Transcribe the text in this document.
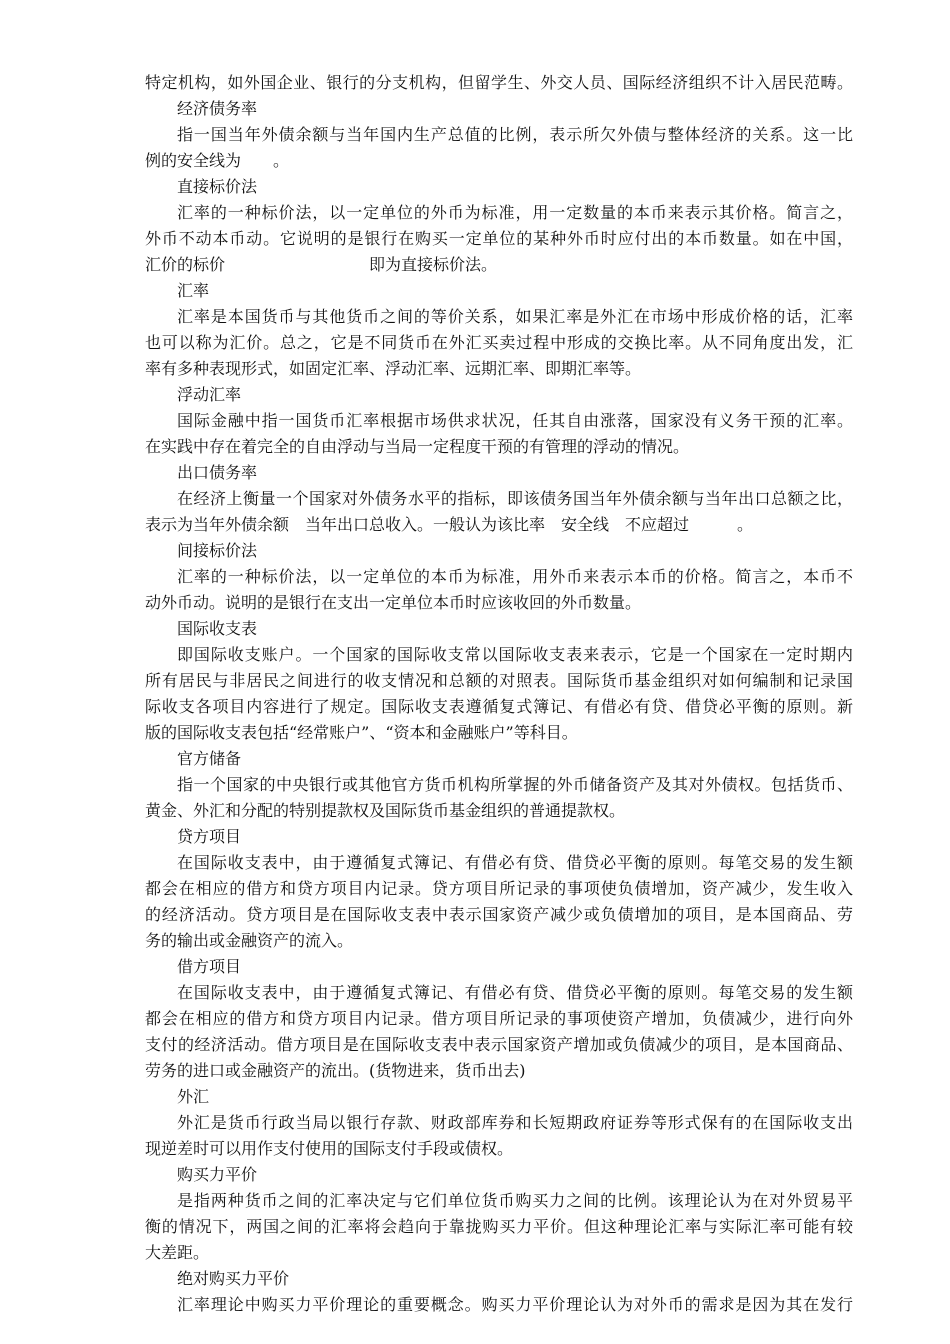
特定机构，如外国企业、银行的分支机构，但留学生、外交人员、国际经济组织不计入居民范畴。
经济债务率
指一国当年外债余额与当年国内生产总值的比例，表示所欠外债与整体经济的关系。这一比
例的安全线为　　。
直接标价法
汇率的一种标价法，以一定单位的外币为标准，用一定数量的本币来表示其价格。简言之，
外币不动本币动。它说明的是银行在购买一定单位的某种外币时应付出的本币数量。如在中国，
汇价的标价　　　　　　　　　即为直接标价法。
汇率
汇率是本国货币与其他货币之间的等价关系，如果汇率是外汇在市场中形成价格的话，汇率
也可以称为汇价。总之，它是不同货币在外汇买卖过程中形成的交换比率。从不同角度出发，汇
率有多种表现形式，如固定汇率、浮动汇率、远期汇率、即期汇率等。
浮动汇率
国际金融中指一国货币汇率根据市场供求状况，任其自由涨落，国家没有义务干预的汇率。
在实践中存在着完全的自由浮动与当局一定程度干预的有管理的浮动的情况。
出口债务率
在经济上衡量一个国家对外债务水平的指标，即该债务国当年外债余额与当年出口总额之比，
表示为当年外债余额　当年出口总收入。一般认为该比率　安全线　不应超过　　　。
间接标价法
汇率的一种标价法，以一定单位的本币为标准，用外币来表示本币的价格。简言之，本币不
动外币动。说明的是银行在支出一定单位本币时应该收回的外币数量。
国际收支表
即国际收支账户。一个国家的国际收支常以国际收支表来表示，它是一个国家在一定时期内
所有居民与非居民之间进行的收支情况和总额的对照表。国际货币基金组织对如何编制和记录国
际收支各项目内容进行了规定。国际收支表遵循复式簿记、有借必有贷、借贷必平衡的原则。新
版的国际收支表包括“经常账户”、“资本和金融账户”等科目。
官方储备
指一个国家的中央银行或其他官方货币机构所掌握的外币储备资产及其对外债权。包括货币、
黄金、外汇和分配的特别提款权及国际货币基金组织的普通提款权。
贷方项目
在国际收支表中，由于遵循复式簿记、有借必有贷、借贷必平衡的原则。每笔交易的发生额
都会在相应的借方和贷方项目内记录。贷方项目所记录的事项使负债增加，资产减少，发生收入
的经济活动。贷方项目是在国际收支表中表示国家资产减少或负债增加的项目，是本国商品、劳
务的输出或金融资产的流入。
借方项目
在国际收支表中，由于遵循复式簿记、有借必有贷、借贷必平衡的原则。每笔交易的发生额
都会在相应的借方和贷方项目内记录。借方项目所记录的事项使资产增加，负债减少，进行向外
支付的经济活动。借方项目是在国际收支表中表示国家资产增加或负债减少的项目，是本国商品、
劳务的进口或金融资产的流出。(货物进来，货币出去)
外汇
外汇是货币行政当局以银行存款、财政部库券和长短期政府证券等形式保有的在国际收支出
现逆差时可以用作支付使用的国际支付手段或债权。
购买力平价
是指两种货币之间的汇率决定与它们单位货币购买力之间的比例。该理论认为在对外贸易平
衡的情况下，两国之间的汇率将会趋向于靠拢购买力平价。但这种理论汇率与实际汇率可能有较
大差距。
绝对购买力平价
汇率理论中购买力平价理论的重要概念。购买力平价理论认为对外币的需求是因为其在发行
